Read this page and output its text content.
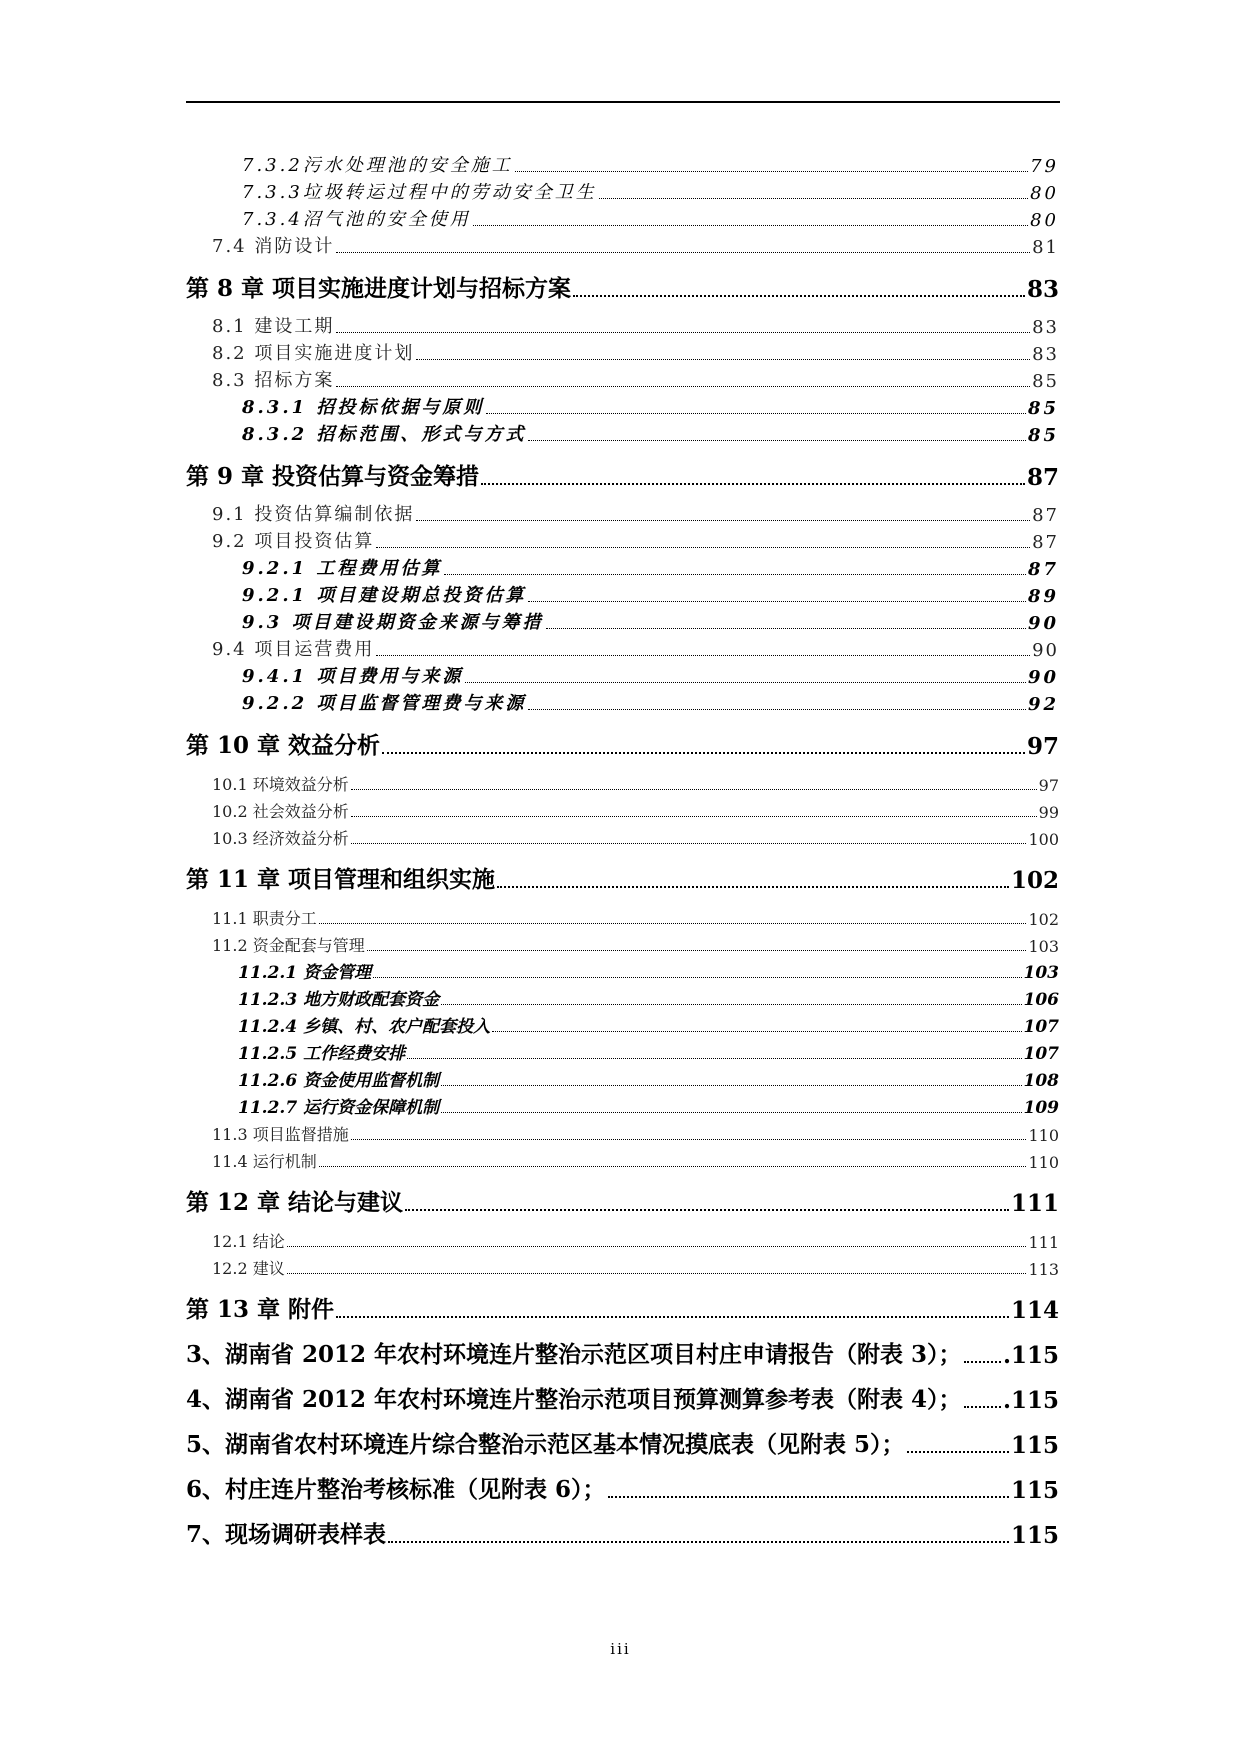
7.3.2污水处理池的安全施工	79
7.3.3垃圾转运过程中的劳动安全卫生	80
7.3.4沼气池的安全使用	80
7.4 消防设计	81
第 8 章 项目实施进度计划与招标方案	83
8.1 建设工期	83
8.2 项目实施进度计划	83
8.3 招标方案	85
8.3.1 招投标依据与原则	85
8.3.2 招标范围、形式与方式	85
第 9 章 投资估算与资金筹措	87
9.1 投资估算编制依据	87
9.2 项目投资估算	87
9.2.1 工程费用估算	87
9.2.1 项目建设期总投资估算	89
9.3 项目建设期资金来源与筹措	90
9.4 项目运营费用	90
9.4.1 项目费用与来源	90
9.2.2 项目监督管理费与来源	92
第 10 章 效益分析	97
10.1 环境效益分析	97
10.2 社会效益分析	99
10.3 经济效益分析	100
第 11 章 项目管理和组织实施	102
11.1 职责分工	102
11.2 资金配套与管理	103
11.2.1 资金管理	103
11.2.3 地方财政配套资金	106
11.2.4 乡镇、村、农户配套投入	107
11.2.5 工作经费安排	107
11.2.6 资金使用监督机制	108
11.2.7 运行资金保障机制	109
11.3 项目监督措施	110
11.4 运行机制	110
第 12 章 结论与建议	111
12.1 结论	111
12.2 建议	113
第 13 章 附件	114
3、湖南省 2012 年农村环境连片整治示范区项目村庄申请报告（附表 3）； .115
4、湖南省 2012 年农村环境连片整治示范项目预算测算参考表（附表 4）； .115
5、湖南省农村环境连片综合整治示范区基本情况摸底表（见附表 5）；	115
6、村庄连片整治考核标准（见附表 6）；	115
7、现场调研表样表	115
iii
